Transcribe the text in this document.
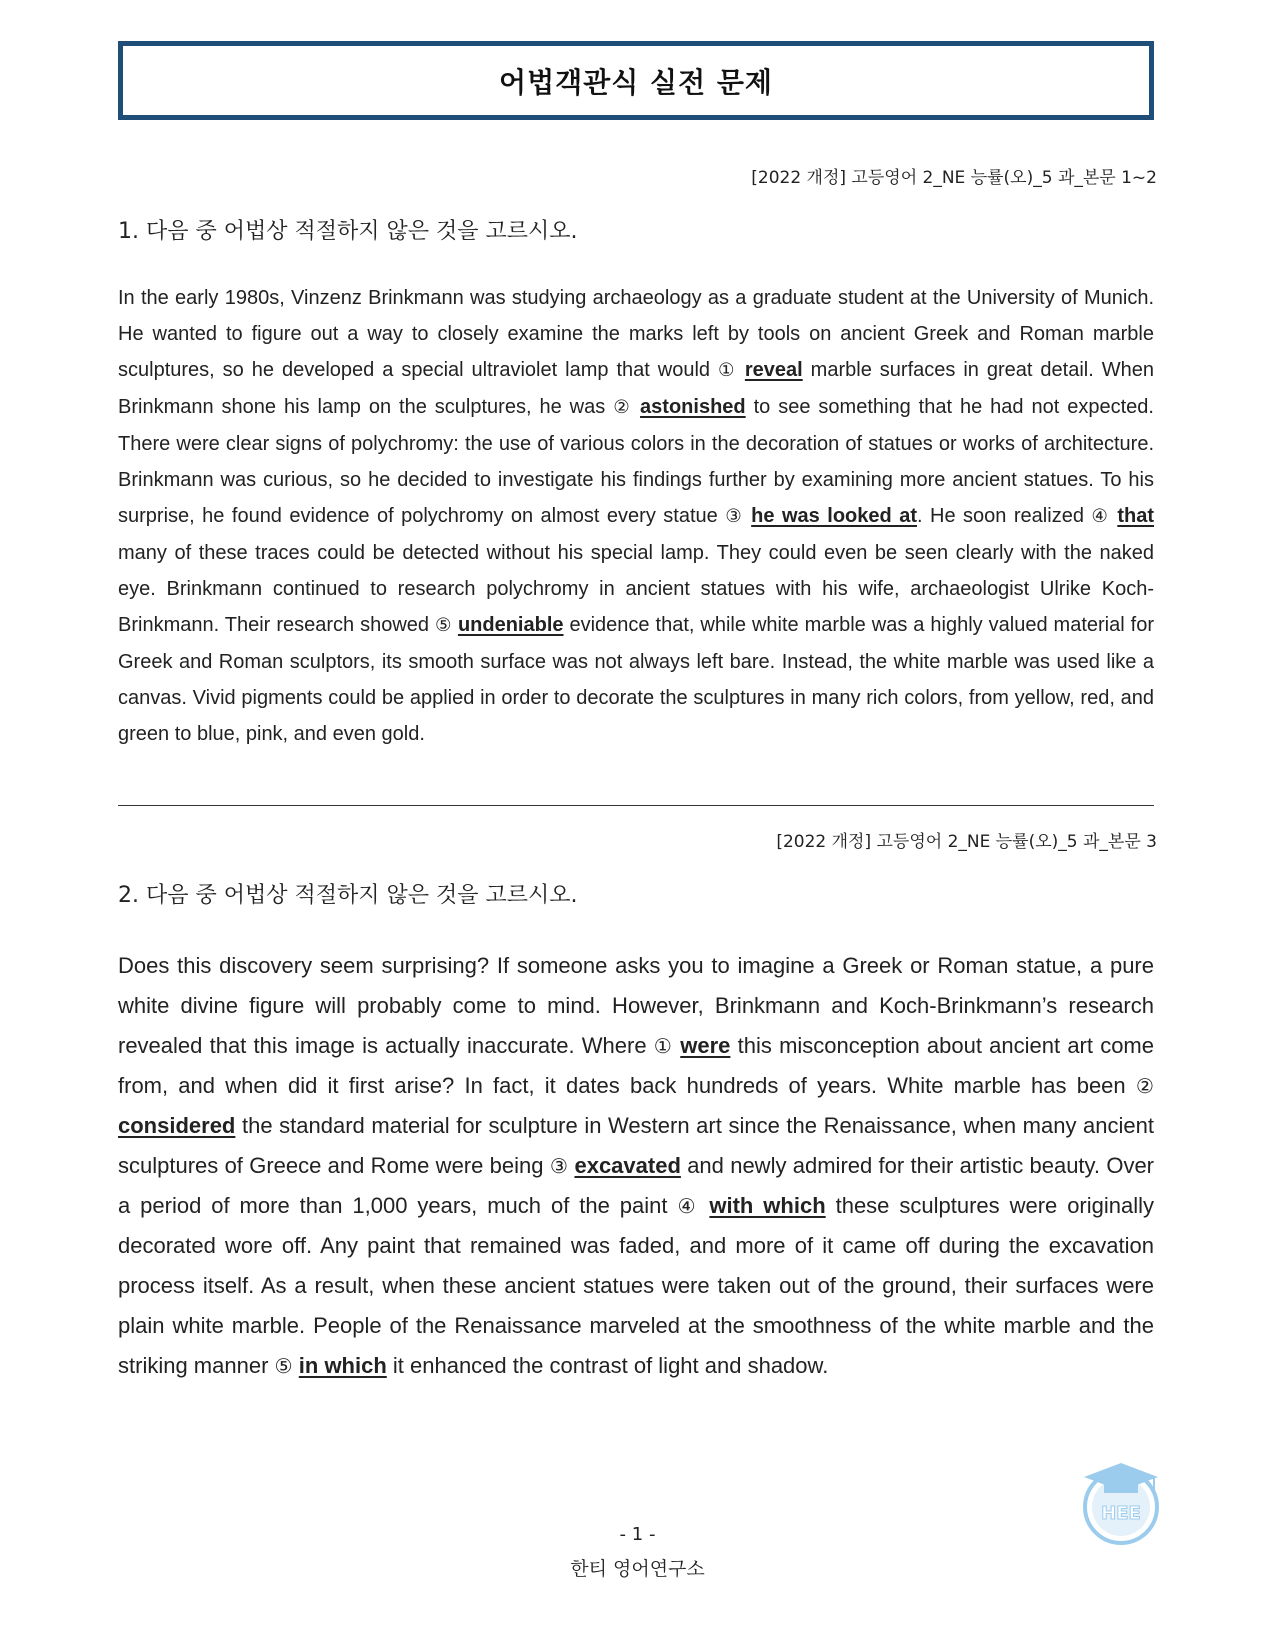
어법객관식 실전 문제
[2022 개정] 고등영어 2_NE 능률(오)_5 과_본문 1~2
1. 다음 중 어법상 적절하지 않은 것을 고르시오.
In the early 1980s, Vinzenz Brinkmann was studying archaeology as a graduate student at the University of Munich. He wanted to figure out a way to closely examine the marks left by tools on ancient Greek and Roman marble sculptures, so he developed a special ultraviolet lamp that would ① reveal marble surfaces in great detail. When Brinkmann shone his lamp on the sculptures, he was ② astonished to see something that he had not expected. There were clear signs of polychromy: the use of various colors in the decoration of statues or works of architecture. Brinkmann was curious, so he decided to investigate his findings further by examining more ancient statues. To his surprise, he found evidence of polychromy on almost every statue ③ he was looked at. He soon realized ④ that many of these traces could be detected without his special lamp. They could even be seen clearly with the naked eye. Brinkmann continued to research polychromy in ancient statues with his wife, archaeologist Ulrike Koch-Brinkmann. Their research showed ⑤ undeniable evidence that, while white marble was a highly valued material for Greek and Roman sculptors, its smooth surface was not always left bare. Instead, the white marble was used like a canvas. Vivid pigments could be applied in order to decorate the sculptures in many rich colors, from yellow, red, and green to blue, pink, and even gold.
[2022 개정] 고등영어 2_NE 능률(오)_5 과_본문 3
2. 다음 중 어법상 적절하지 않은 것을 고르시오.
Does this discovery seem surprising? If someone asks you to imagine a Greek or Roman statue, a pure white divine figure will probably come to mind. However, Brinkmann and Koch-Brinkmann’s research revealed that this image is actually inaccurate. Where ① were this misconception about ancient art come from, and when did it first arise? In fact, it dates back hundreds of years. White marble has been ② considered the standard material for sculpture in Western art since the Renaissance, when many ancient sculptures of Greece and Rome were being ③ excavated and newly admired for their artistic beauty. Over a period of more than 1,000 years, much of the paint ④ with which these sculptures were originally decorated wore off. Any paint that remained was faded, and more of it came off during the excavation process itself. As a result, when these ancient statues were taken out of the ground, their surfaces were plain white marble. People of the Renaissance marveled at the smoothness of the white marble and the striking manner ⑤ in which it enhanced the contrast of light and shadow.
- 1 -
한티 영어연구소
HEE
